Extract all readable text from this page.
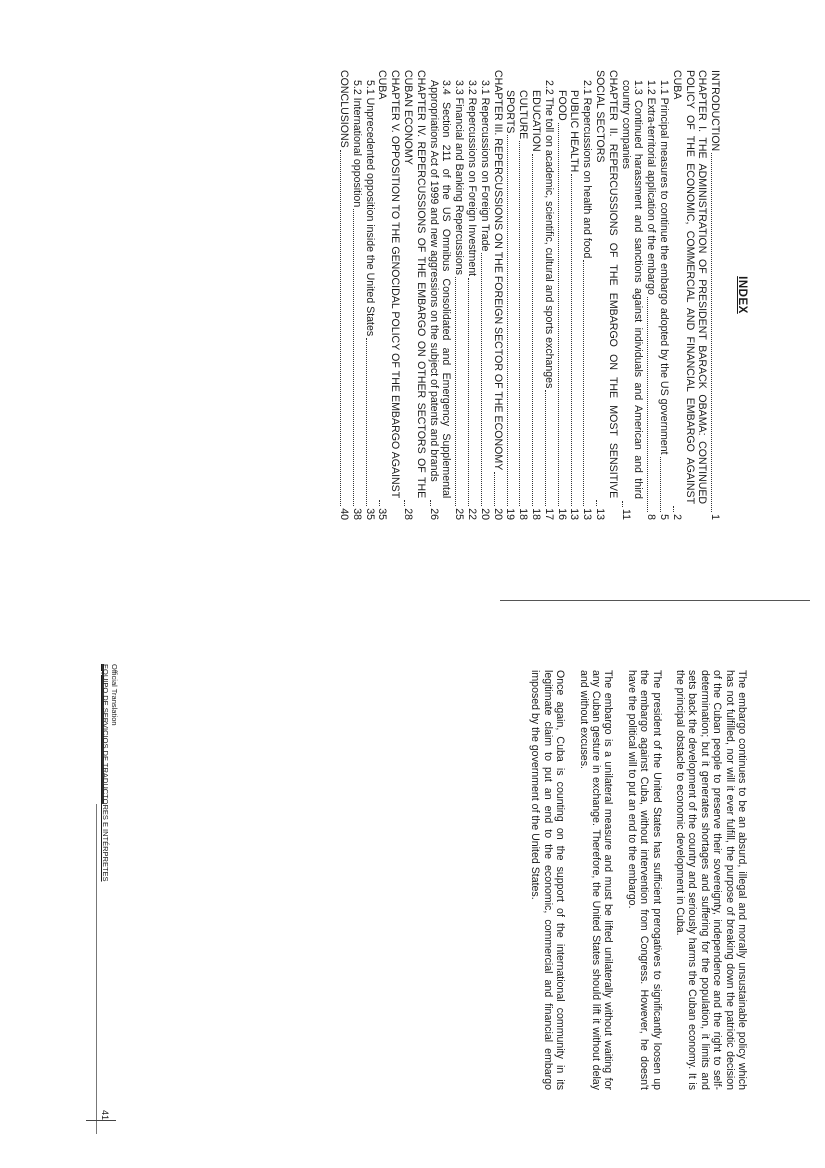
INDEX
INTRODUCTION
1
CHAPTER I. THE ADMINISTRATION OF PRESIDENT BARACK OBAMA: CONTINUED POLICY OF THE ECONOMIC, COMMERCIAL AND FINANCIAL EMBARGO AGAINST CUBA
2
1.1 Principal measures to continue the embargo adopted by the US government
5
1.2 Extra-territorial application of the embargo
8
1.3 Continued harassment and sanctions against individuals and American and third country companies
11
CHAPTER II. REPERCUSSIONS OF THE EMBARGO ON THE MOST SENSITIVE SOCIAL SECTORS
13
2.1 Repercussions on health and food
13
PUBLIC HEALTH
13
FOOD
16
2.2 The toll on academic, scientific, cultural and sports exchanges
17
EDUCATION
18
CULTURE
18
SPORTS
19
CHAPTER III. REPERCUSSIONS ON THE FOREIGN SECTOR OF THE ECONOMY
20
3.1 Repercussions on Foreign Trade
20
3.2 Repercussions on Foreign Investment
22
3.3 Financial and Banking Repercussions
25
3.4 Section 211 of the US Omnibus Consolidated and Emergency Supplemental Appropriations Act of 1999 and new aggressions on the subject of patents and brands
26
CHAPTER IV. REPERCUSSIONS OF THE EMBARGO ON OTHER SECTORS OF THE CUBAN ECONOMY
28
CHAPTER V. OPPOSITION TO THE GENOCIDAL POLICY OF THE EMBARGO AGAINST CUBA
35
5.1 Unprecedented opposition inside the United States
35
5.2 International opposition
38
CONCLUSIONS
40

The embargo continues to be an absurd, illegal and morally unsustainable policy which has not fulfilled, nor will it ever fulfill, the purpose of breaking down the patriotic decision of the Cuban people to preserve their sovereignty, independence and the right to self-determination; but it generates shortages and suffering for the population, it limits and sets back the development of the country and seriously harms the Cuban economy. It is the principal obstacle to economic development in Cuba.

The president of the United States has sufficient prerogatives to significantly loosen up the embargo against Cuba, without intervention from Congress. However, he doesn't have the political will to put an end to the embargo.

The embargo is a unilateral measure and must be lifted unilaterally without waiting for any Cuban gesture in exchange. Therefore, the United States should lift it without delay and without excuses.

Once again, Cuba is counting on the support of the international community in its legitimate claim to put an end to the economic, commercial and financial embargo imposed by the government of the United States.

Official Translation
EQUIPO DE SERVICIOS DE TRADUCTORES E INTÉRPRETES
41
